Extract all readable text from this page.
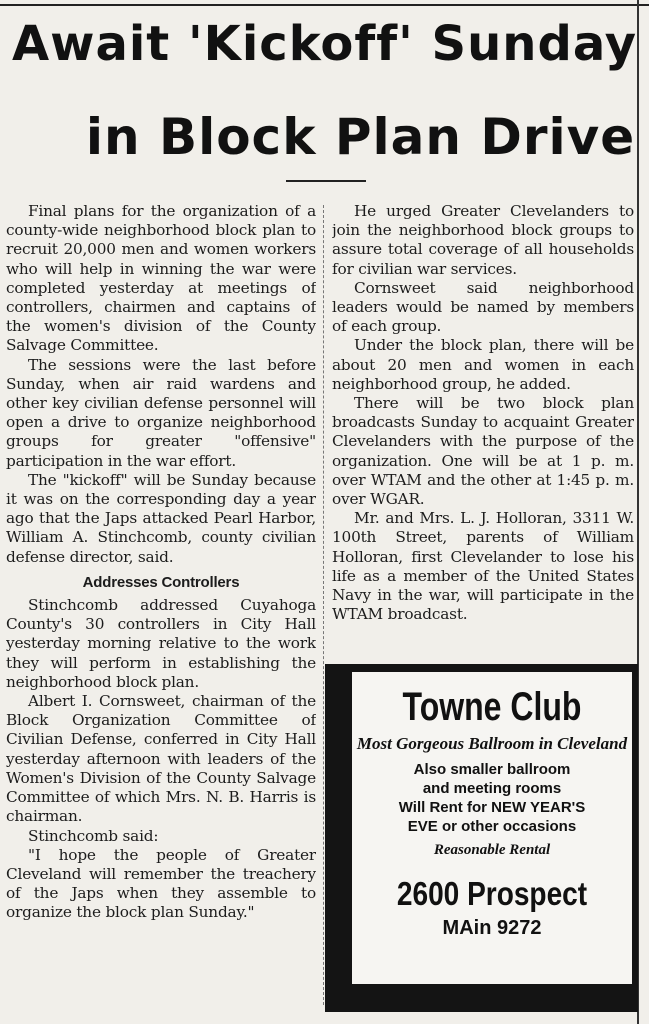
Await 'Kickoff' Sunday
in Block Plan Drive

Final plans for the organization of a county-wide neighborhood block plan to recruit 20,000 men and women workers who will help in winning the war were completed yesterday at meetings of controllers, chairmen and captains of the women's division of the County Salvage Committee.

The sessions were the last before Sunday, when air raid wardens and other key civilian defense personnel will open a drive to organize neighborhood groups for greater "offensive" participation in the war effort.

The "kickoff" will be Sunday because it was on the corresponding day a year ago that the Japs attacked Pearl Harbor, William A. Stinchcomb, county civilian defense director, said.

Addresses Controllers

Stinchcomb addressed Cuyahoga County's 30 controllers in City Hall yesterday morning relative to the work they will perform in establishing the neighborhood block plan.

Albert I. Cornsweet, chairman of the Block Organization Committee of Civilian Defense, conferred in City Hall yesterday afternoon with leaders of the Women's Division of the County Salvage Committee of which Mrs. N. B. Harris is chairman.

Stinchcomb said:

"I hope the people of Greater Cleveland will remember the treachery of the Japs when they assemble to organize the block plan Sunday."

He urged Greater Clevelanders to join the neighborhood block groups to assure total coverage of all households for civilian war services.

Cornsweet said neighborhood leaders would be named by members of each group.

Under the block plan, there will be about 20 men and women in each neighborhood group, he added.

There will be two block plan broadcasts Sunday to acquaint Greater Clevelanders with the purpose of the organization. One will be at 1 p. m. over WTAM and the other at 1:45 p. m. over WGAR.

Mr. and Mrs. L. J. Holloran, 3311 W. 100th Street, parents of William Holloran, first Clevelander to lose his life as a member of the United States Navy in the war, will participate in the WTAM broadcast.

Towne Club
Most Gorgeous Ballroom in Cleveland
Also smaller ballroom
and meeting rooms
Will Rent for NEW YEAR'S
EVE or other occasions
Reasonable Rental
2600 Prospect
MAin 9272
